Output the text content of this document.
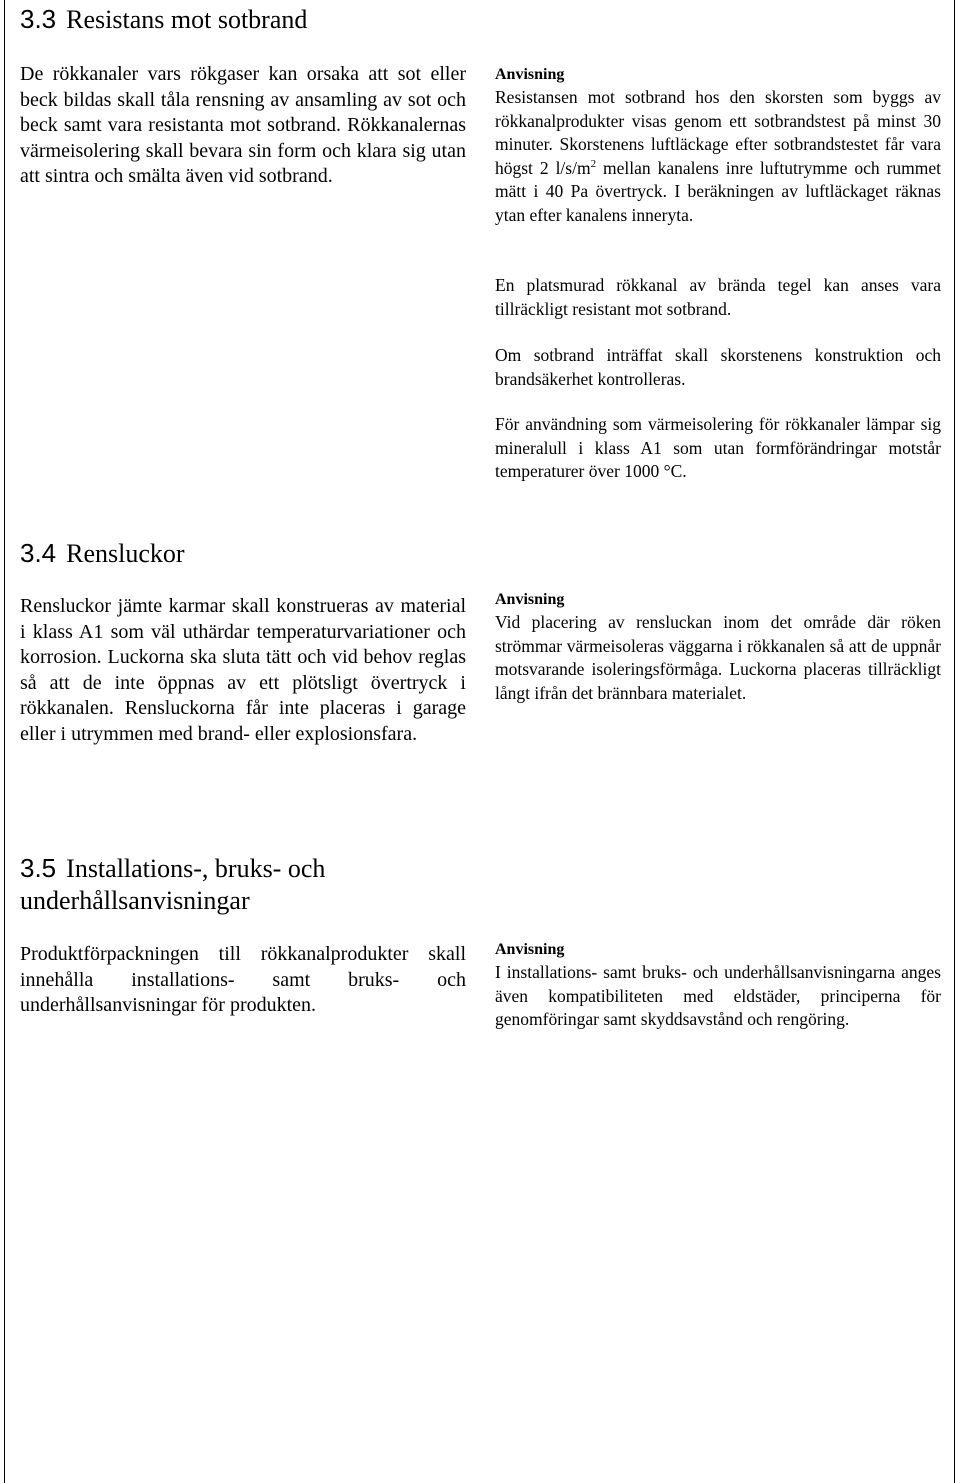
3.3 Resistans mot sotbrand

De rökkanaler vars rökgaser kan orsaka att sot eller beck bildas skall tåla rensning av ansamling av sot och beck samt vara resistanta mot sotbrand. Rökkanalernas värmeisolering skall bevara sin form och klara sig utan att sintra och smälta även vid sotbrand.

Anvisning

Resistansen mot sotbrand hos den skorsten som byggs av rökkanalprodukter visas genom ett sotbrandstest på minst 30 minuter. Skorstenens luftläckage efter sotbrandstestet får vara högst 2 $l/s/m^2$ mellan kanalens inre luftutrymme och rummet mätt i 40 Pa övertryck. I beräkningen av luftläckaget räknas ytan efter kanalens inneryta.

En platsmurad rökkanal av brända tegel kan anses vara tillräckligt resistant mot sotbrand.

Om sotbrand inträffat skall skorstenens konstruktion och brandsäkerhet kontrolleras.

För användning som värmeisolering för rökkanaler lämpar sig mineralull i klass A1 som utan formförändringar motstår temperaturer över 1000 °C.

3.4 Rensluckor

Rensluckor jämte karmar skall konstrueras av material i klass A1 som väl uthärdar temperaturvariationer och korrosion. Luckorna ska sluta tätt och vid behov reglas så att de inte öppnas av ett plötsligt övertryck i rökkanalen. Rensluckorna får inte placeras i garage eller i utrymmen med brand- eller explosionsfara.

Anvisning

Vid placering av rensluckan inom det område där röken strömmar värmeisoleras väggarna i rökkanalen så att de uppnår motsvarande isoleringsförmåga. Luckorna placeras tillräckligt långt ifrån det brännbara materialet.

3.5 Installations-, bruks- och underhållsanvisningar

Produktförpackningen till rökkanalprodukter skall innehålla installations- samt bruks- och underhållsanvisningar för produkten.

Anvisning

I installations- samt bruks- och underhållsanvisningarna anges även kompatibiliteten med eldstäder, principerna för genomföringar samt skyddsavstånd och rengöring.
